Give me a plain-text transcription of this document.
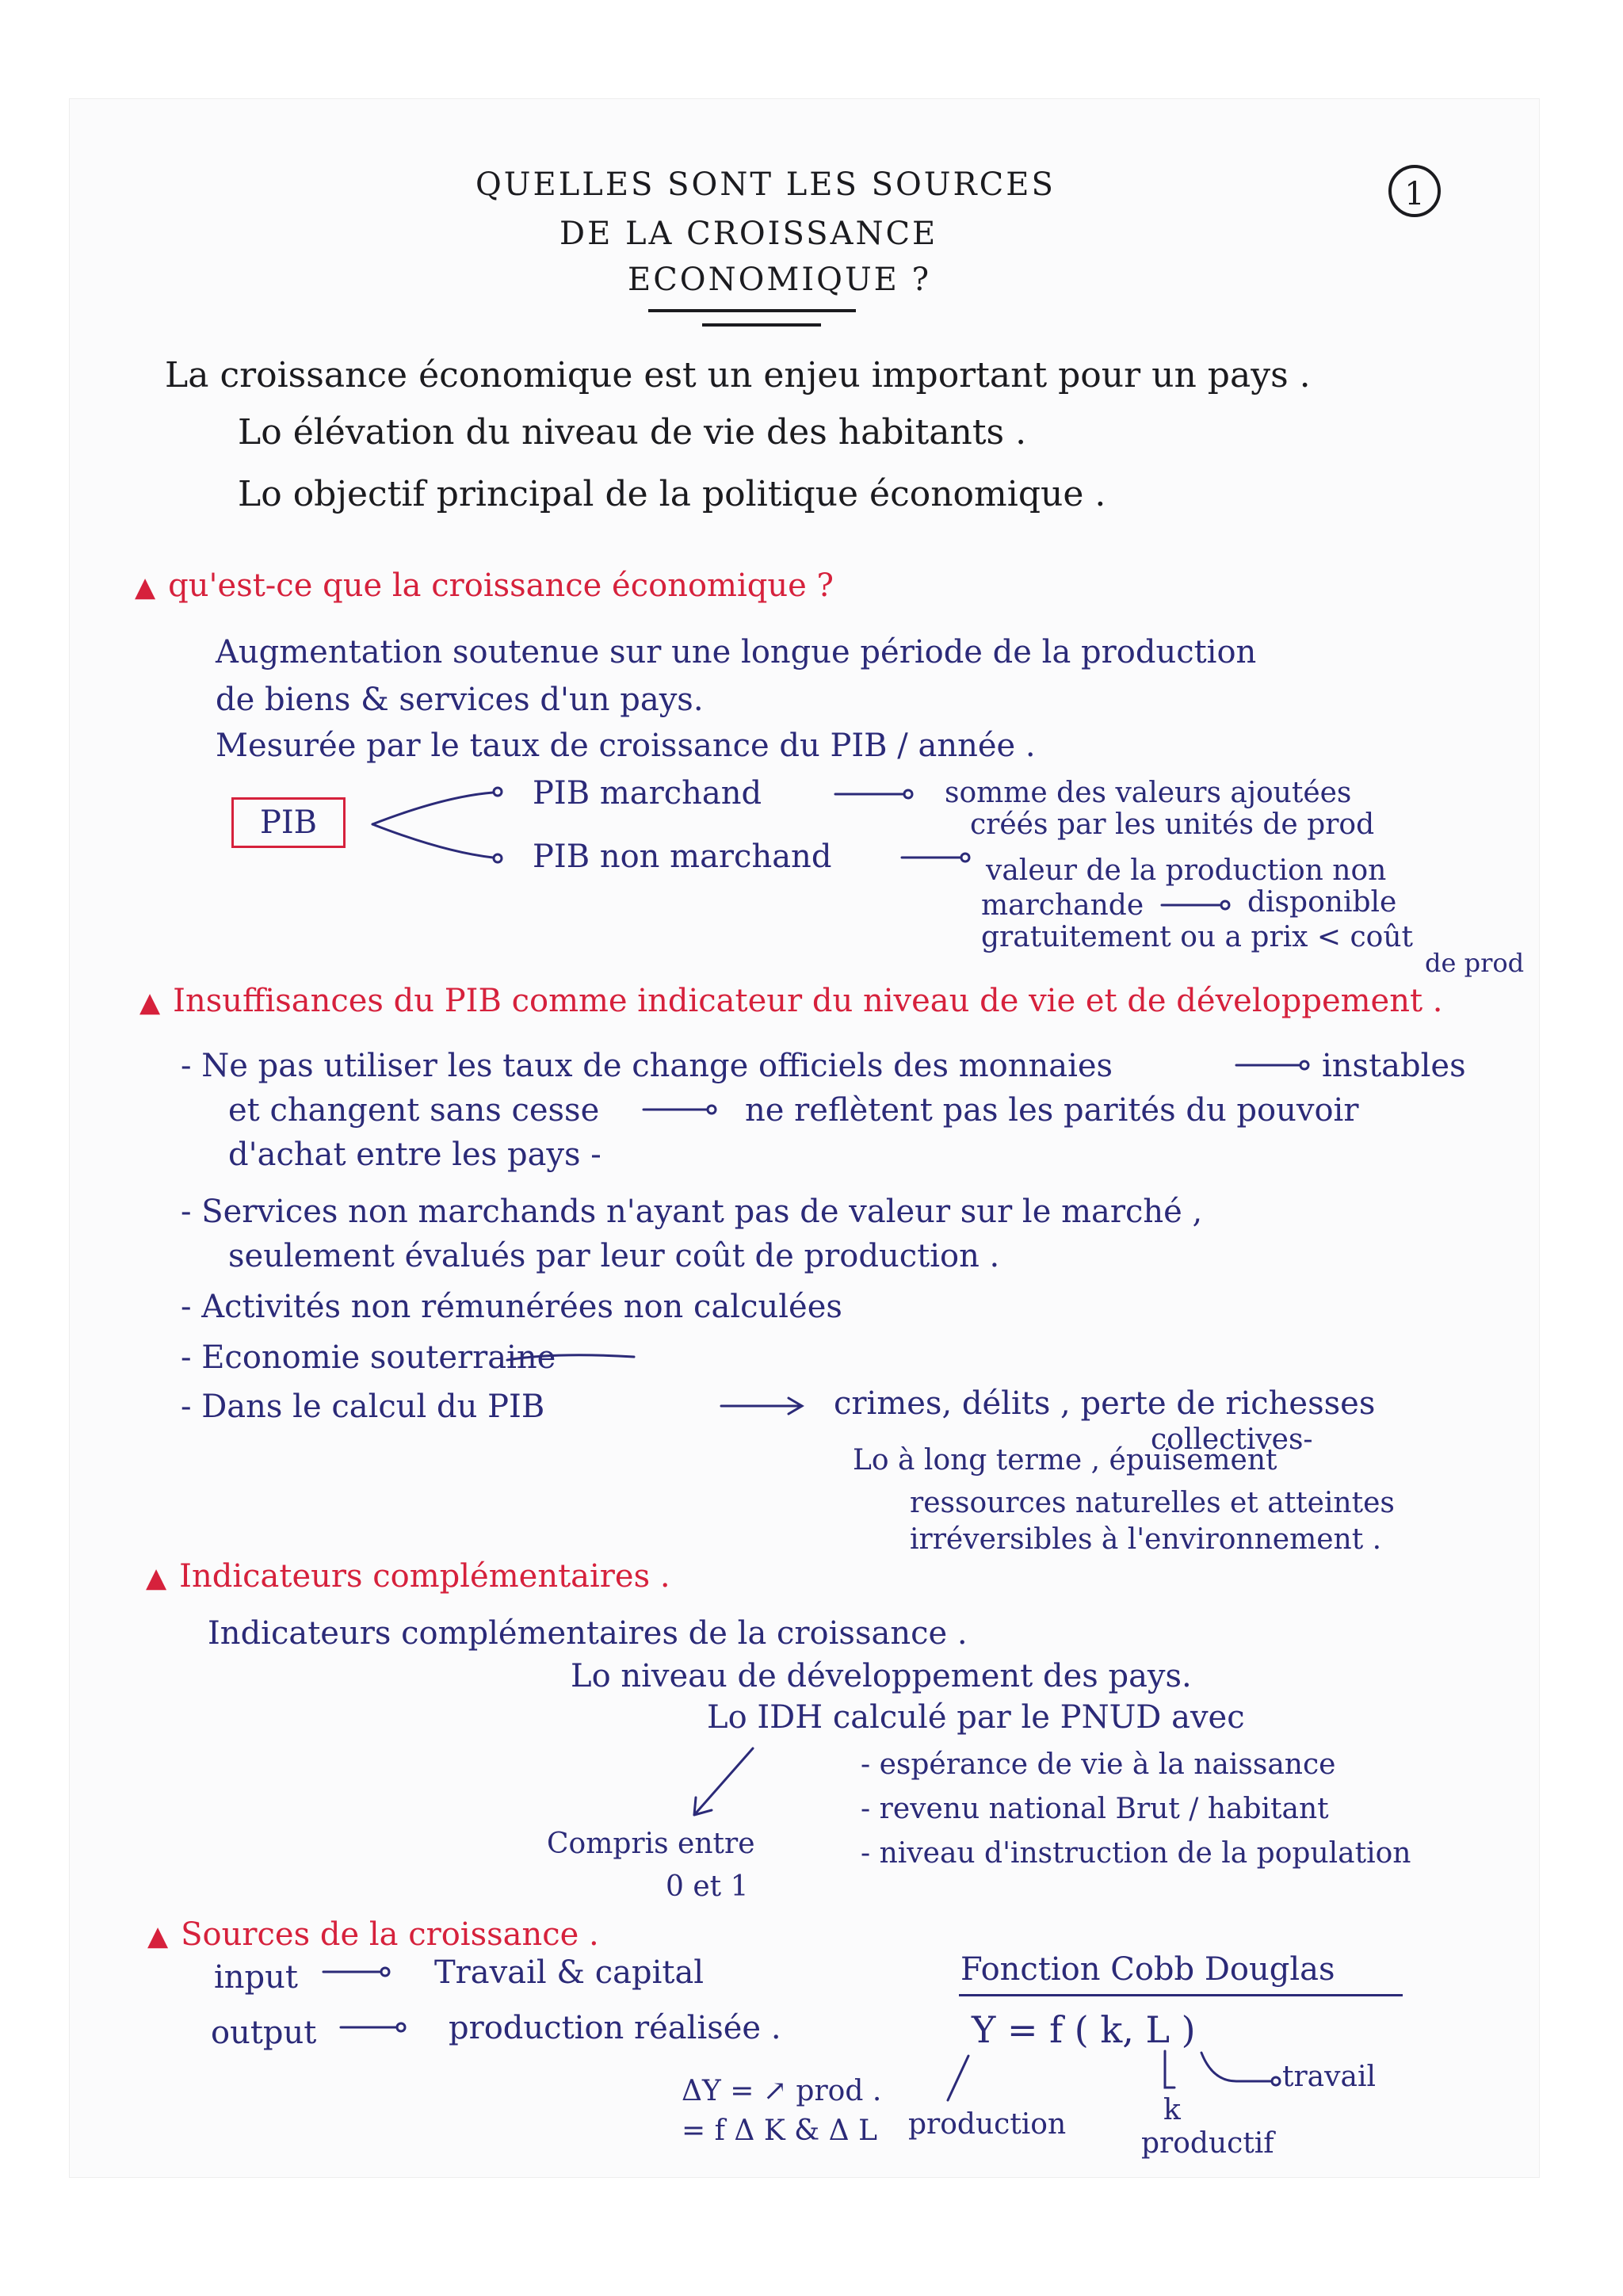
1
QUELLES SONT LES SOURCES
DE LA CROISSANCE
ECONOMIQUE ?
La croissance économique est un enjeu important pour un pays .
Lo élévation du niveau de vie des habitants .
Lo objectif principal de la politique économique .
▲ qu'est-ce que la croissance économique ?
Augmentation soutenue sur une longue période de la production
de biens & services d'un pays.
Mesurée par le taux de croissance du PIB / année .
PIB
PIB marchand	somme des valeurs ajoutées
créés par les unités de prod
PIB non marchand	valeur de la production non
marchande	disponible
gratuitement ou a prix < coût
de prod
▲ Insuffisances du PIB comme indicateur du niveau de vie et de développement .
- Ne pas utiliser les taux de change officiels des monnaies	instables
et changent sans cesse	ne reflètent pas les parités du pouvoir
d'achat entre les pays -
- Services non marchands n'ayant pas de valeur sur le marché ,
seulement évalués par leur coût de production .
- Activités non rémunérées non calculées
- Economie souterraine
- Dans le calcul du PIB	crimes, délits , perte de richesses
collectives-
Lo à long terme , épuisement
ressources naturelles et atteintes
irréversibles à l'environnement .
▲ Indicateurs complémentaires .
Indicateurs complémentaires de la croissance .
Lo niveau de développement des pays.
Lo IDH calculé par le PNUD avec
- espérance de vie à la naissance
- revenu national Brut / habitant
- niveau d'instruction de la population
Compris entre
0 et 1
▲ Sources de la croissance .
input	Travail & capital
output	production réalisée .
Fonction Cobb Douglas
Y = f ( k, L )
travail
k
productif
ΔY = ↗ prod .
= f Δ K & Δ L production
